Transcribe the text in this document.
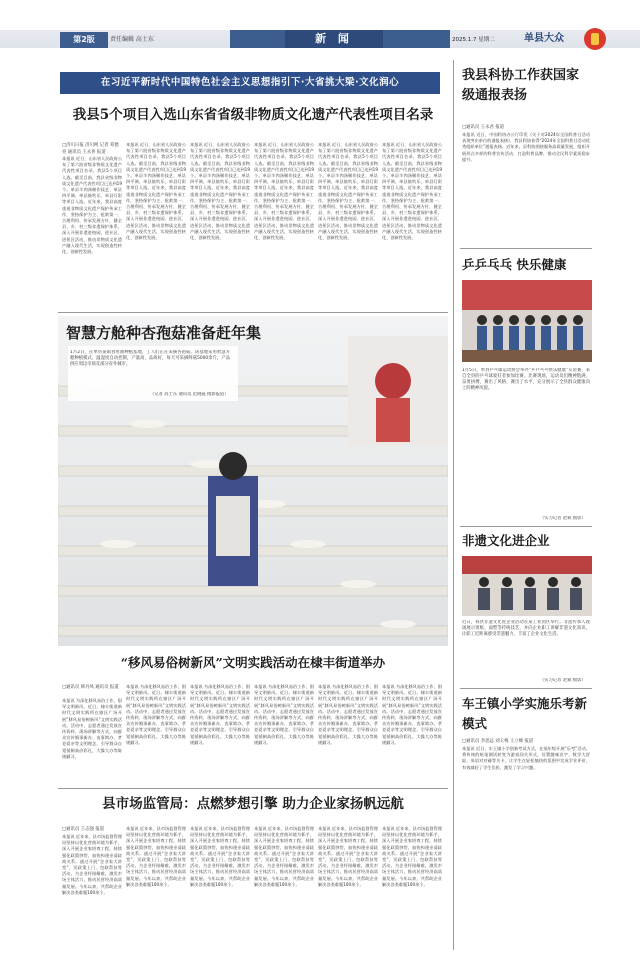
第2版	责任编辑 高士东	新 闻	2025.1.7 星期二	单县大众
在习近平新时代中国特色社会主义思想指引下·大省挑大梁·文化润心
我县5个项目入选山东省省级非物质文化遗产代表性项目名录
□济川日报 济川网 记者 邓德亮 通讯员 王永喜 报道
本报讯 近日，山东省人民政府公布了第六批省级非物质文化遗产代表性项目名录，我县5个项目入选。截至目前，我县省级非物质文化遗产代表性项目已达到19个。单县羊肉汤制作技艺、单县四平调、单县鼓吹乐、单县灯彩等项目入选。近年来，我县高度重视非物质文化遗产保护传承工作，坚持保护为主、抢救第一、合理利用、传承发展方针，健全县、乡、村三级非遗保护体系，深入开展非遗进校园、进社区、进景区活动，推动非物质文化遗产融入现代生活，实现创造性转化、创新性发展。
本报讯 近日，山东省人民政府公布了第六批省级非物质文化遗产代表性项目名录，我县5个项目入选。截至目前，我县省级非物质文化遗产代表性项目已达到19个。单县羊肉汤制作技艺、单县四平调、单县鼓吹乐、单县灯彩等项目入选。近年来，我县高度重视非物质文化遗产保护传承工作，坚持保护为主、抢救第一、合理利用、传承发展方针，健全县、乡、村三级非遗保护体系，深入开展非遗进校园、进社区、进景区活动，推动非物质文化遗产融入现代生活，实现创造性转化、创新性发展。
本报讯 近日，山东省人民政府公布了第六批省级非物质文化遗产代表性项目名录，我县5个项目入选。截至目前，我县省级非物质文化遗产代表性项目已达到19个。单县羊肉汤制作技艺、单县四平调、单县鼓吹乐、单县灯彩等项目入选。近年来，我县高度重视非物质文化遗产保护传承工作，坚持保护为主、抢救第一、合理利用、传承发展方针，健全县、乡、村三级非遗保护体系，深入开展非遗进校园、进社区、进景区活动，推动非物质文化遗产融入现代生活，实现创造性转化、创新性发展。
本报讯 近日，山东省人民政府公布了第六批省级非物质文化遗产代表性项目名录，我县5个项目入选。截至目前，我县省级非物质文化遗产代表性项目已达到19个。单县羊肉汤制作技艺、单县四平调、单县鼓吹乐、单县灯彩等项目入选。近年来，我县高度重视非物质文化遗产保护传承工作，坚持保护为主、抢救第一、合理利用、传承发展方针，健全县、乡、村三级非遗保护体系，深入开展非遗进校园、进社区、进景区活动，推动非物质文化遗产融入现代生活，实现创造性转化、创新性发展。
本报讯 近日，山东省人民政府公布了第六批省级非物质文化遗产代表性项目名录，我县5个项目入选。截至目前，我县省级非物质文化遗产代表性项目已达到19个。单县羊肉汤制作技艺、单县四平调、单县鼓吹乐、单县灯彩等项目入选。近年来，我县高度重视非物质文化遗产保护传承工作，坚持保护为主、抢救第一、合理利用、传承发展方针，健全县、乡、村三级非遗保护体系，深入开展非遗进校园、进社区、进景区活动，推动非物质文化遗产融入现代生活，实现创造性转化、创新性发展。
本报讯 近日，山东省人民政府公布了第六批省级非物质文化遗产代表性项目名录，我县5个项目入选。截至目前，我县省级非物质文化遗产代表性项目已达到19个。单县羊肉汤制作技艺、单县四平调、单县鼓吹乐、单县灯彩等项目入选。近年来，我县高度重视非物质文化遗产保护传承工作，坚持保护为主、抢救第一、合理利用、传承发展方针，健全县、乡、村三级非遗保护体系，深入开展非遗进校园、进社区、进景区活动，推动非物质文化遗产融入现代生活，实现创造性转化、创新性发展。
智慧方舱种杏孢菇准备赶年集
1月2日，在单县某镇食用菌种植基地，工人们正在采摘杏孢菇。该基地采用智慧方舱种植模式，温湿度自动控制，产量高、品质好，每天可采摘鲜菇5000余斤，产品供应周边市场及部分省外城市。
（记者 高士东 通讯员 范晓霞 摄影报道）
“移风易俗树新风”文明实践活动在棣丰街道举办
□通讯员 韩丹凤 通讯员 报道
本报讯 为深化移风易俗工作，倡导文明新风，近日，棣丰街道新时代文明实践所在辖区广场开展“移风易俗树新风”文明实践活动。活动中，志愿者通过发放宣传资料、现场讲解等方式，向群众宣传婚事新办、丧事简办、孝老爱亲等文明理念，引导群众自觉抵制高价彩礼、大操大办等陈规陋习。
本报讯 为深化移风易俗工作，倡导文明新风，近日，棣丰街道新时代文明实践所在辖区广场开展“移风易俗树新风”文明实践活动。活动中，志愿者通过发放宣传资料、现场讲解等方式，向群众宣传婚事新办、丧事简办、孝老爱亲等文明理念，引导群众自觉抵制高价彩礼、大操大办等陈规陋习。
本报讯 为深化移风易俗工作，倡导文明新风，近日，棣丰街道新时代文明实践所在辖区广场开展“移风易俗树新风”文明实践活动。活动中，志愿者通过发放宣传资料、现场讲解等方式，向群众宣传婚事新办、丧事简办、孝老爱亲等文明理念，引导群众自觉抵制高价彩礼、大操大办等陈规陋习。
本报讯 为深化移风易俗工作，倡导文明新风，近日，棣丰街道新时代文明实践所在辖区广场开展“移风易俗树新风”文明实践活动。活动中，志愿者通过发放宣传资料、现场讲解等方式，向群众宣传婚事新办、丧事简办、孝老爱亲等文明理念，引导群众自觉抵制高价彩礼、大操大办等陈规陋习。
本报讯 为深化移风易俗工作，倡导文明新风，近日，棣丰街道新时代文明实践所在辖区广场开展“移风易俗树新风”文明实践活动。活动中，志愿者通过发放宣传资料、现场讲解等方式，向群众宣传婚事新办、丧事简办、孝老爱亲等文明理念，引导群众自觉抵制高价彩礼、大操大办等陈规陋习。
本报讯 为深化移风易俗工作，倡导文明新风，近日，棣丰街道新时代文明实践所在辖区广场开展“移风易俗树新风”文明实践活动。活动中，志愿者通过发放宣传资料、现场讲解等方式，向群众宣传婚事新办、丧事简办、孝老爱亲等文明理念，引导群众自觉抵制高价彩礼、大操大办等陈规陋习。
县市场监管局：点燃梦想引擎 助力企业家扬帆远航
□通讯员 王志强 报道
本报讯 近年来，县市场监督管理局坚持以优化营商环境为抓手，深入开展企业家培育工程，持续强化政策供给，加快构建亲清政商关系。通过开展“企业家大讲堂”、送政策上门、包联帮扶等活动，为企业纾困解难，激发市场主体活力，推动民营经济高质量发展。今年以来，共帮助企业解决各类难题100余个。
本报讯 近年来，县市场监督管理局坚持以优化营商环境为抓手，深入开展企业家培育工程，持续强化政策供给，加快构建亲清政商关系。通过开展“企业家大讲堂”、送政策上门、包联帮扶等活动，为企业纾困解难，激发市场主体活力，推动民营经济高质量发展。今年以来，共帮助企业解决各类难题100余个。
本报讯 近年来，县市场监督管理局坚持以优化营商环境为抓手，深入开展企业家培育工程，持续强化政策供给，加快构建亲清政商关系。通过开展“企业家大讲堂”、送政策上门、包联帮扶等活动，为企业纾困解难，激发市场主体活力，推动民营经济高质量发展。今年以来，共帮助企业解决各类难题100余个。
本报讯 近年来，县市场监督管理局坚持以优化营商环境为抓手，深入开展企业家培育工程，持续强化政策供给，加快构建亲清政商关系。通过开展“企业家大讲堂”、送政策上门、包联帮扶等活动，为企业纾困解难，激发市场主体活力，推动民营经济高质量发展。今年以来，共帮助企业解决各类难题100余个。
本报讯 近年来，县市场监督管理局坚持以优化营商环境为抓手，深入开展企业家培育工程，持续强化政策供给，加快构建亲清政商关系。通过开展“企业家大讲堂”、送政策上门、包联帮扶等活动，为企业纾困解难，激发市场主体活力，推动民营经济高质量发展。今年以来，共帮助企业解决各类难题100余个。
本报讯 近年来，县市场监督管理局坚持以优化营商环境为抓手，深入开展企业家培育工程，持续强化政策供给，加快构建亲清政商关系。通过开展“企业家大讲堂”、送政策上门、包联帮扶等活动，为企业纾困解难，激发市场主体活力，推动民营经济高质量发展。今年以来，共帮助企业解决各类难题100余个。
我县科协工作获国家级通报表扬
□通讯员 王永君 报道
本报讯 近日，中国科协办公厅印发《关于对2024年全国科普日活动表现突出单位的通报表扬》，我县科协获得“2024年全国科普日活动优秀组织单位”通报表扬。近年来，县科协围绕服务高质量发展，组织开展形式多样的科普宣传活动，打造科普品牌，推动全民科学素质稳步提升。
乒乒乓乓 快乐健康
1月5日，单县乒乓球运动协会举办“乒乒乓乓快乐健康”友谊赛，来自全县的乒乓球爱好者参加比赛。比赛现场，运动员们精神饱满、奋勇拼搏，赛出了风格、赛出了水平，充分展示了全县群众健康向上的精神风貌。
（实习记者 赵斌 摄影）
非遗文化进企业
近日，我县非遗文化进企业活动在某工业园区举行。非遗传承人现场展示剪纸、面塑等传统技艺，并向企业职工讲解非遗文化知识，让职工近距离感受非遗魅力，丰富了企业文化生活。
（实习记者 赵斌 摄影）
车王镇小学实施乐考新模式
□通讯员 李思远 刘玉梅 王立峰 报道
本报讯 近日，车王镇小学创新考试方式，在低年级开展“乐考”活动，将传统的纸笔测试转变为游戏闯关形式，设置趣味识字、数学大冒险、英语对对碰等关卡，让学生在轻松愉快的氛围中完成学业评价，有效减轻了学生负担，激发了学习兴趣。
